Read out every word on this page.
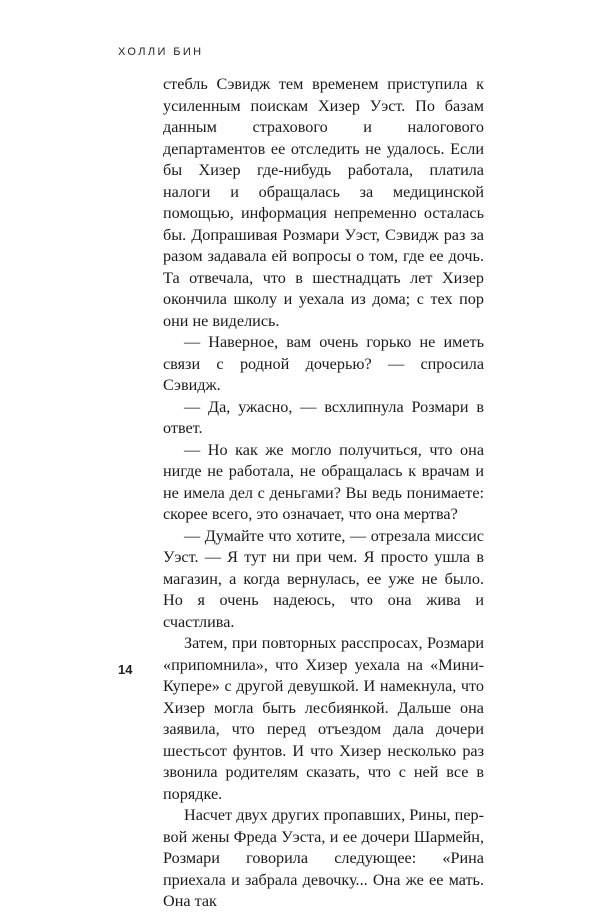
ХОЛЛИ БИН

стебль Сэвидж тем временем приступила к усиленным поискам Хизер Уэст. По базам данным страхового и налогового департаментов ее отследить не удалось. Если бы Хизер где-нибудь работала, платила налоги и обращалась за медицинской помощью, информация непременно осталась бы. Допрашивая Розмари Уэст, Сэвидж раз за разом задавала ей вопросы о том, где ее дочь. Та отвечала, что в шестнадцать лет Хизер окончила школу и уехала из дома; с тех пор они не виделись.

— Наверное, вам очень горько не иметь связи с родной дочерью? — спросила Сэвидж.

— Да, ужасно, — всхлипнула Розмари в ответ.

— Но как же могло получиться, что она нигде не работала, не обращалась к врачам и не имела дел с деньгами? Вы ведь понимаете: скорее всего, это означает, что она мертва?

— Думайте что хотите, — отрезала миссис Уэст. — Я тут ни при чем. Я просто ушла в магазин, а когда вернулась, ее уже не было. Но я очень надеюсь, что она жива и счастлива.

Затем, при повторных расспросах, Розмари «припомнила», что Хизер уехала на «Мини-Купере» с другой девушкой. И намекнула, что Хизер могла быть лесбиянкой. Дальше она заявила, что перед отъездом дала дочери шестьсот фунтов. И что Хизер несколько раз звонила родителям сказать, что с ней все в порядке.

Насчет двух других пропавших, Рины, первой жены Фреда Уэста, и ее дочери Шармейн, Розмари говорила следующее: «Рина приехала и забрала девочку... Она же ее мать. Она так

14
